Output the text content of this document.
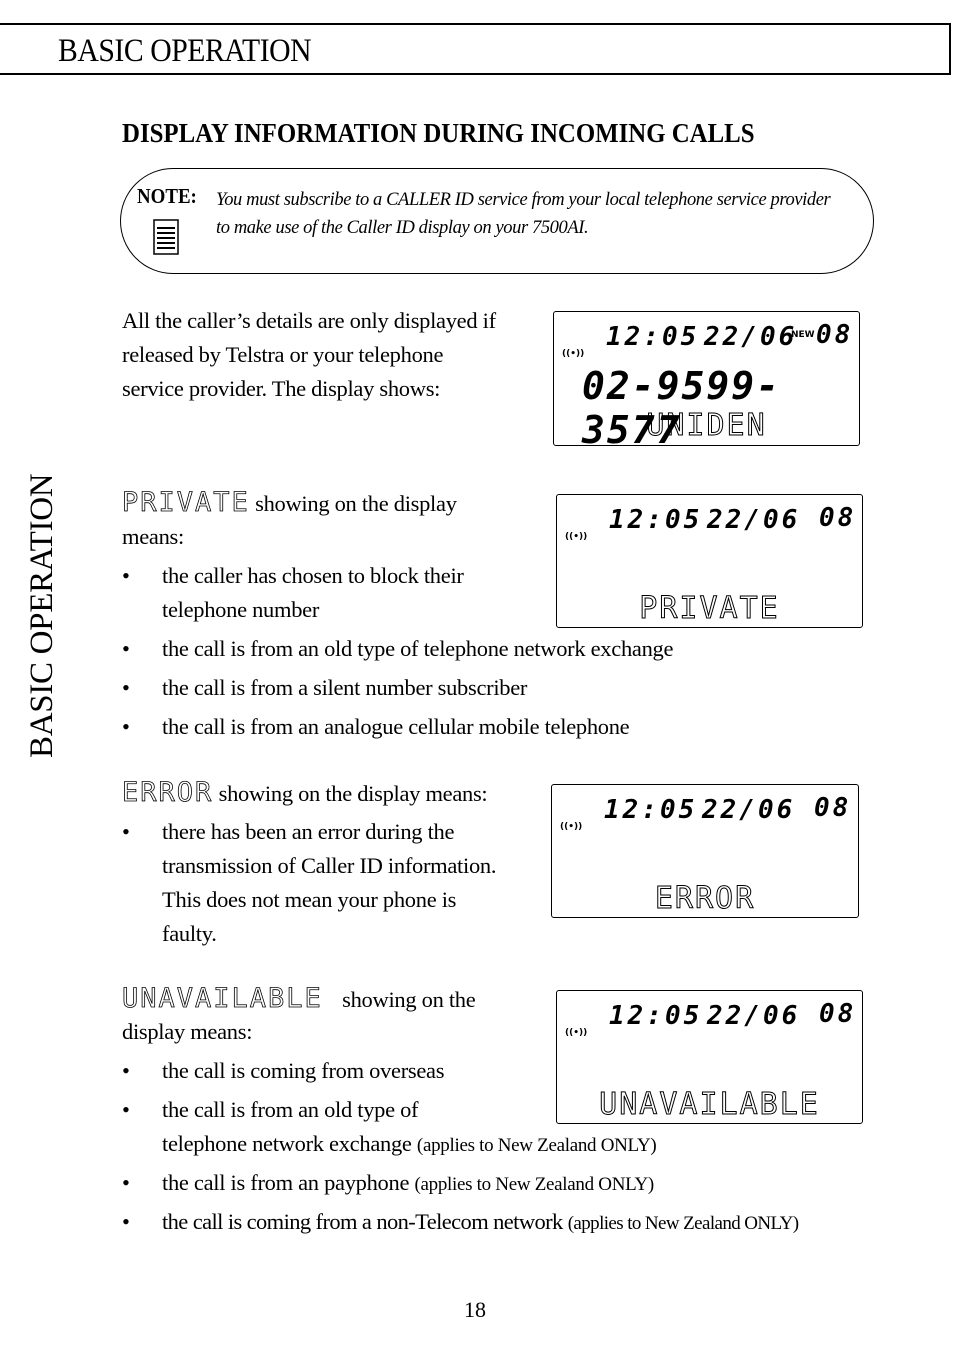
BASIC OPERATION
BASIC OPERATION
DISPLAY INFORMATION DURING INCOMING CALLS
NOTE: You must subscribe to a CALLER ID service from your local telephone service provider
to make use of the Caller ID display on your 7500AI.
All the caller’s details are only displayed if
released by Telstra or your telephone
service provider. The display shows:
12:05 22/06
NEW 08
((•))
02-9599-3577
UNIDEN
PRIVATE showing on the display
means:
• the caller has chosen to block their
telephone number
• the call is from an old type of telephone network exchange
• the call is from a silent number subscriber
• the call is from an analogue cellular mobile telephone
12:05 22/06 08
((•))
PRIVATE
ERROR showing on the display means:
• there has been an error during the
transmission of Caller ID information.
This does not mean your phone is
faulty.
12:05 22/06 08
((•))
ERROR
UNAVAILABLE showing on the
display means:
• the call is coming from overseas
• the call is from an old type of
telephone network exchange (applies to New Zealand ONLY)
• the call is from an payphone (applies to New Zealand ONLY)
• the call is coming from a non-Telecom network (applies to New Zealand ONLY)
12:05 22/06 08
((•))
UNAVAILABLE
18
